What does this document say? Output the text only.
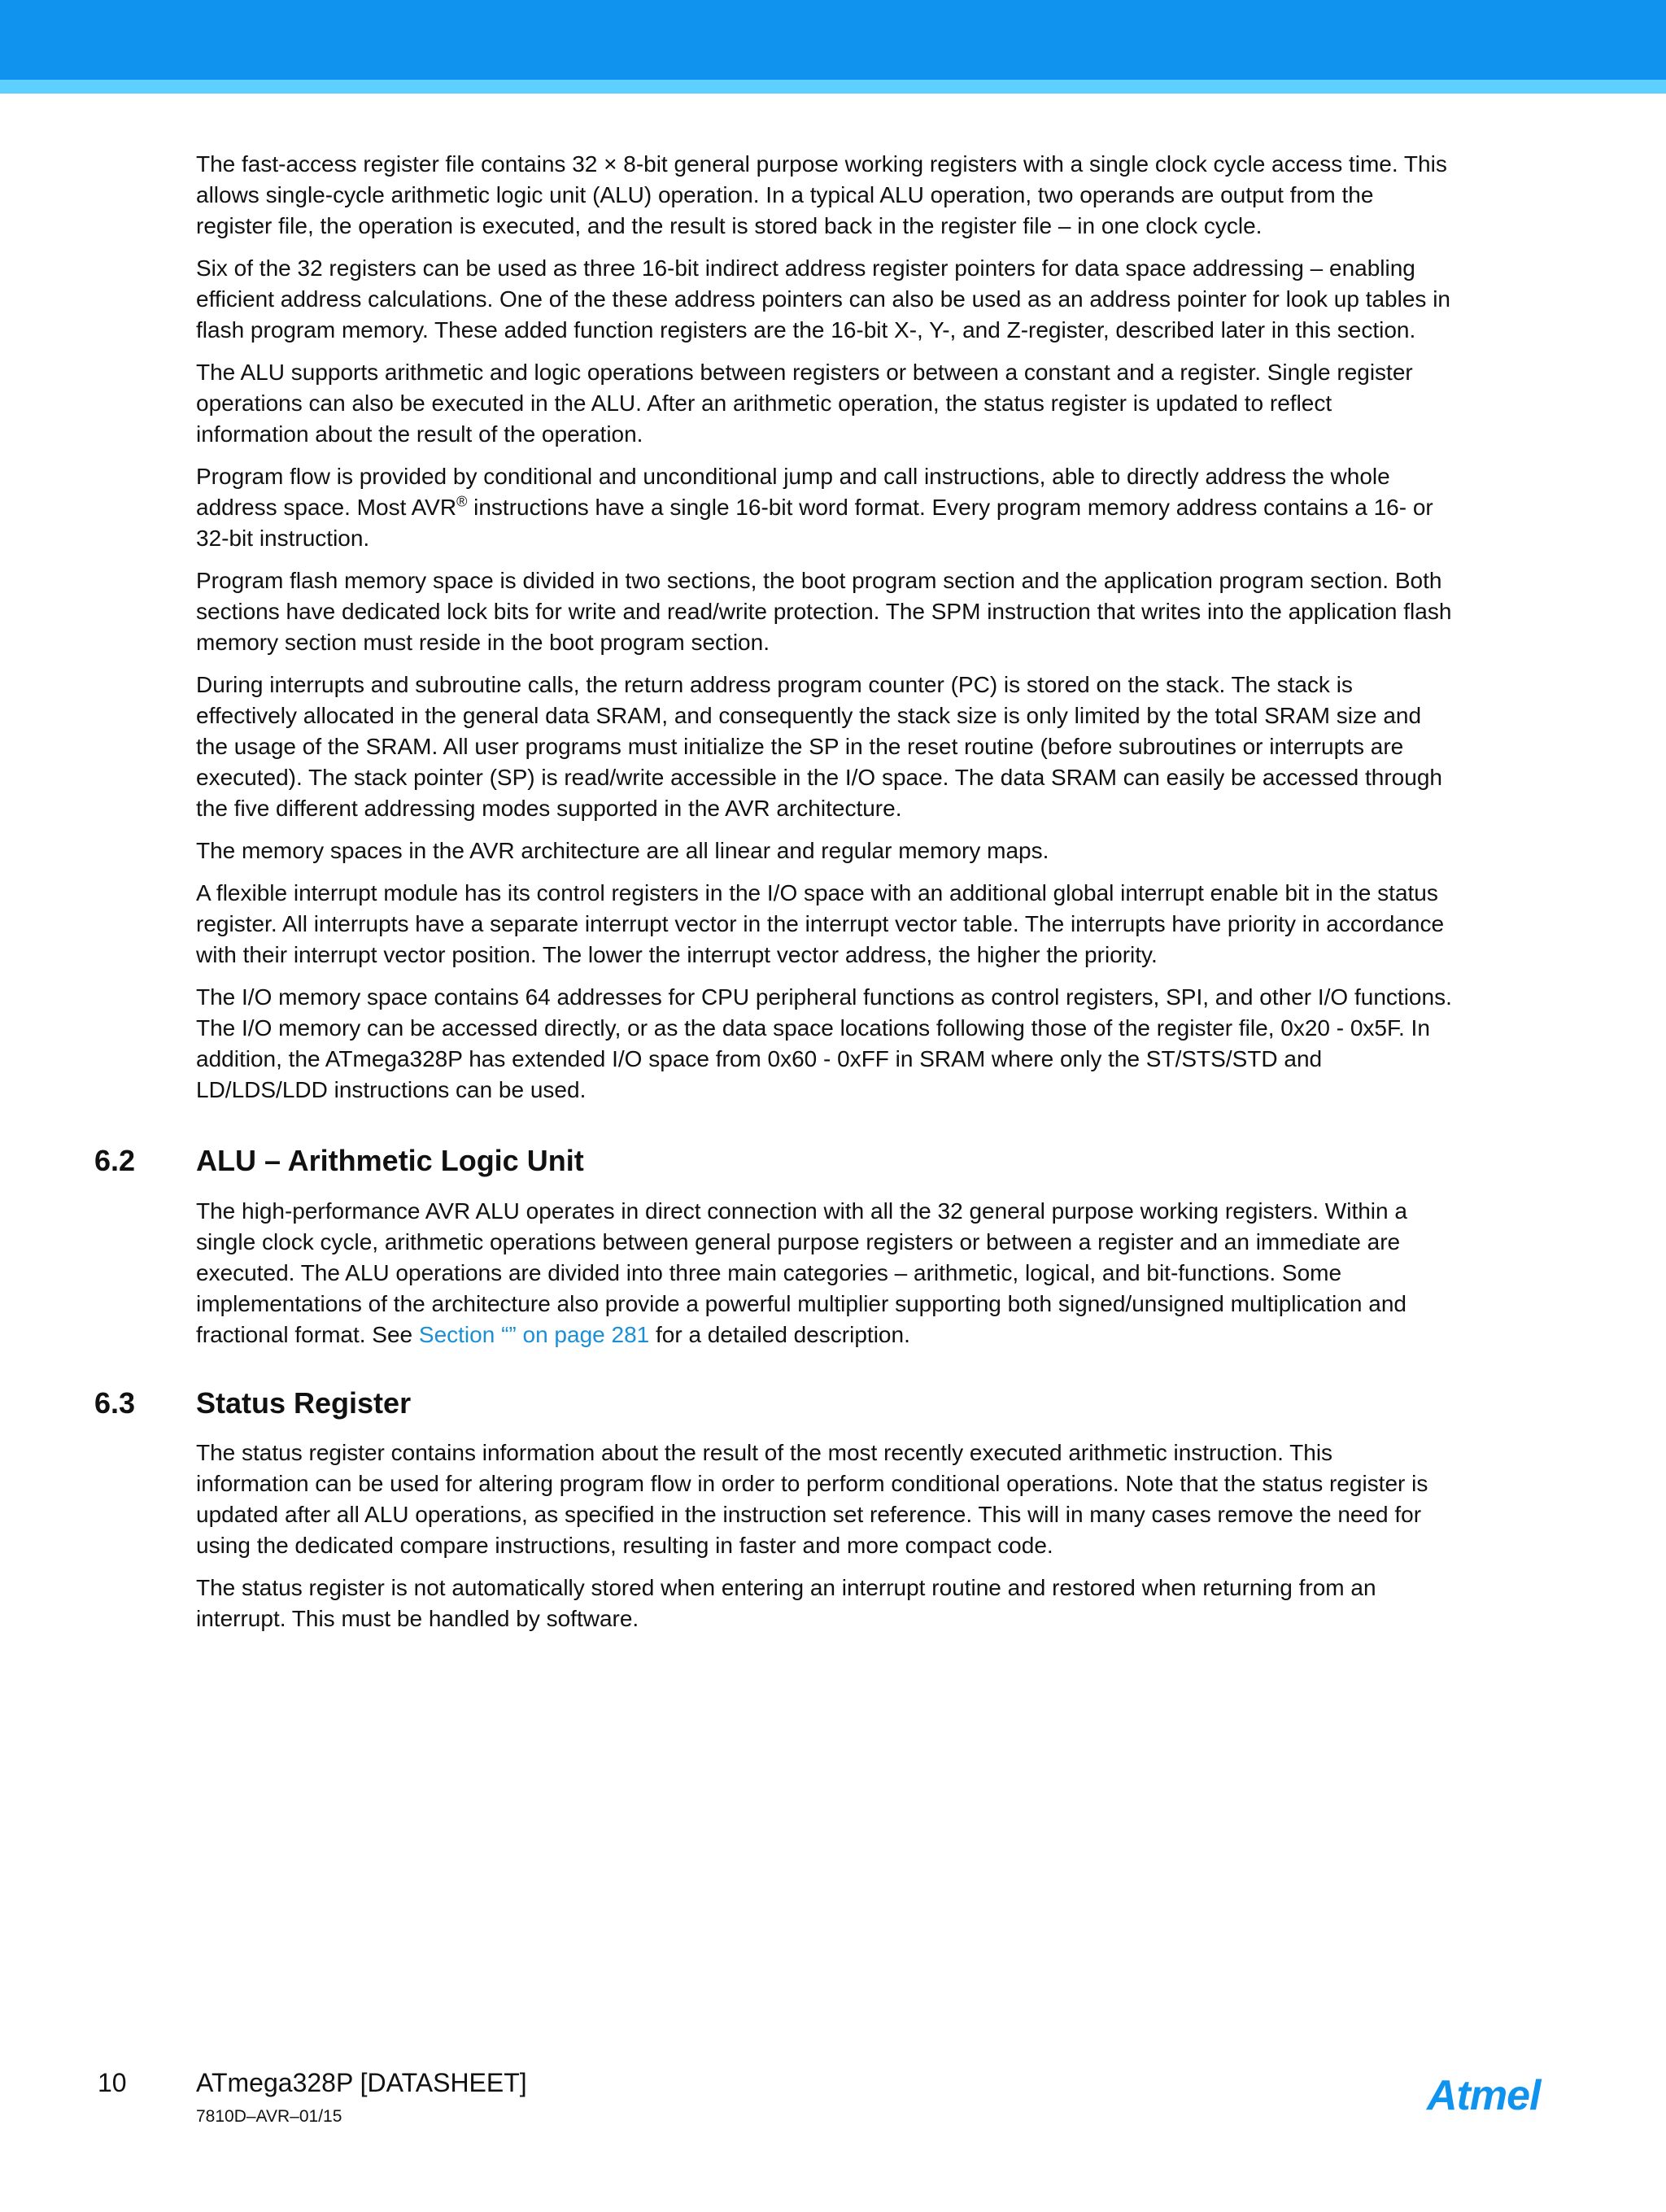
The fast-access register file contains 32 × 8-bit general purpose working registers with a single clock cycle access time. This
allows single-cycle arithmetic logic unit (ALU) operation. In a typical ALU operation, two operands are output from the
register file, the operation is executed, and the result is stored back in the register file – in one clock cycle.

Six of the 32 registers can be used as three 16-bit indirect address register pointers for data space addressing – enabling
efficient address calculations. One of the these address pointers can also be used as an address pointer for look up tables in
flash program memory. These added function registers are the 16-bit X-, Y-, and Z-register, described later in this section.

The ALU supports arithmetic and logic operations between registers or between a constant and a register. Single register
operations can also be executed in the ALU. After an arithmetic operation, the status register is updated to reflect
information about the result of the operation.

Program flow is provided by conditional and unconditional jump and call instructions, able to directly address the whole
address space. Most AVR® instructions have a single 16-bit word format. Every program memory address contains a 16- or
32-bit instruction.

Program flash memory space is divided in two sections, the boot program section and the application program section. Both
sections have dedicated lock bits for write and read/write protection. The SPM instruction that writes into the application flash
memory section must reside in the boot program section.

During interrupts and subroutine calls, the return address program counter (PC) is stored on the stack. The stack is
effectively allocated in the general data SRAM, and consequently the stack size is only limited by the total SRAM size and
the usage of the SRAM. All user programs must initialize the SP in the reset routine (before subroutines or interrupts are
executed). The stack pointer (SP) is read/write accessible in the I/O space. The data SRAM can easily be accessed through
the five different addressing modes supported in the AVR architecture.

The memory spaces in the AVR architecture are all linear and regular memory maps.

A flexible interrupt module has its control registers in the I/O space with an additional global interrupt enable bit in the status
register. All interrupts have a separate interrupt vector in the interrupt vector table. The interrupts have priority in accordance
with their interrupt vector position. The lower the interrupt vector address, the higher the priority.

The I/O memory space contains 64 addresses for CPU peripheral functions as control registers, SPI, and other I/O functions.
The I/O memory can be accessed directly, or as the data space locations following those of the register file, 0x20 - 0x5F. In
addition, the ATmega328P has extended I/O space from 0x60 - 0xFF in SRAM where only the ST/STS/STD and
LD/LDS/LDD instructions can be used.

6.2 ALU – Arithmetic Logic Unit

The high-performance AVR ALU operates in direct connection with all the 32 general purpose working registers. Within a
single clock cycle, arithmetic operations between general purpose registers or between a register and an immediate are
executed. The ALU operations are divided into three main categories – arithmetic, logical, and bit-functions. Some
implementations of the architecture also provide a powerful multiplier supporting both signed/unsigned multiplication and
fractional format. See Section “” on page 281 for a detailed description.

6.3 Status Register

The status register contains information about the result of the most recently executed arithmetic instruction. This
information can be used for altering program flow in order to perform conditional operations. Note that the status register is
updated after all ALU operations, as specified in the instruction set reference. This will in many cases remove the need for
using the dedicated compare instructions, resulting in faster and more compact code.

The status register is not automatically stored when entering an interrupt routine and restored when returning from an
interrupt. This must be handled by software.

10	ATmega328P [DATASHEET]
7810D–AVR–01/15	Atmel
